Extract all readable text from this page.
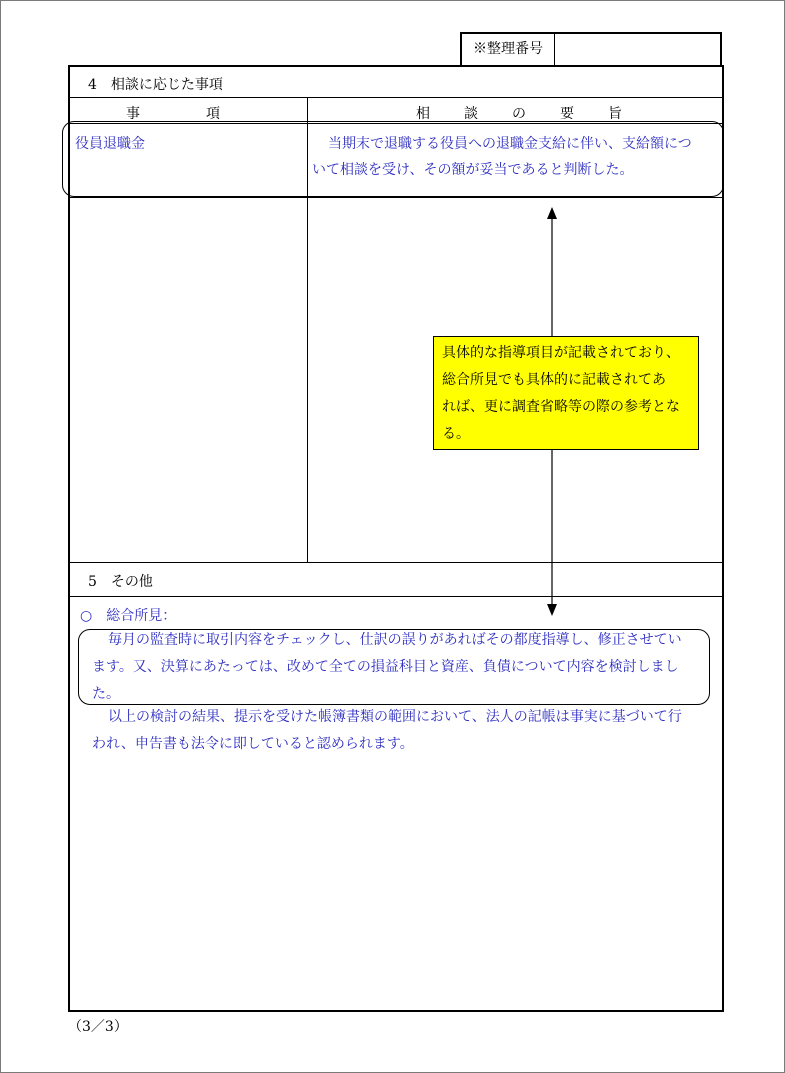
※整理番号
4　相談に応じた事項
事　　　　項	相　　談　　の　　要　　旨
役員退職金	当期末で退職する役員への退職金支給に伴い、支給額につ
いて相談を受け、その額が妥当であると判断した。
5　その他
○　総合所見：
毎月の監査時に取引内容をチェックし、仕訳の誤りがあればその都度指導し、修正させてい
ます。又、決算にあたっては、改めて全ての損益科目と資産、負債について内容を検討しまし
た。
以上の検討の結果、提示を受けた帳簿書類の範囲において、法人の記帳は事実に基づいて行
われ、申告書も法令に即していると認められます。
具体的な指導項目が記載されており、
総合所見でも具体的に記載されてあ
れば、更に調査省略等の際の参考とな
る。
（3／3）
